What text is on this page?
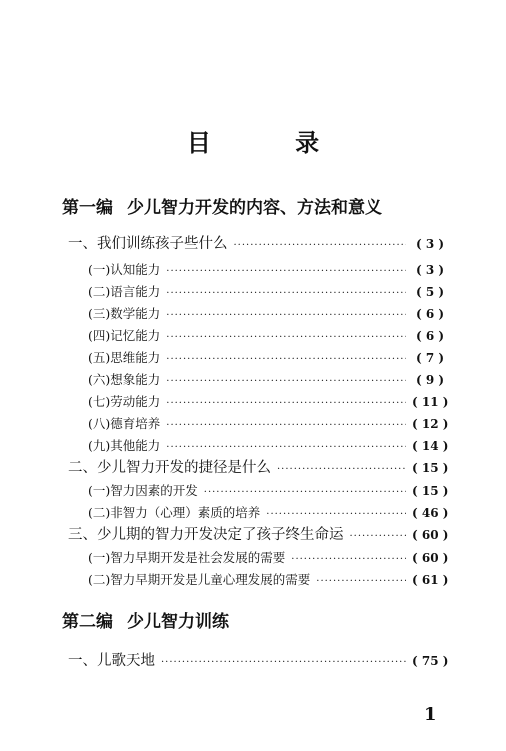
目 录
第一编 少儿智力开发的内容、方法和意义
一、我们训练孩子些什么 ·····	( 3 )
(一)认知能力 ·····	( 3 )
(二)语言能力 ·····	( 5 )
(三)数学能力 ·····	( 6 )
(四)记忆能力 ·····	( 6 )
(五)思维能力 ·····	( 7 )
(六)想象能力 ·····	( 9 )
(七)劳动能力 ·····	( 11 )
(八)德育培养 ·····	( 12 )
(九)其他能力 ·····	( 14 )
二、少儿智力开发的捷径是什么 ·····	( 15 )
(一)智力因素的开发 ·····	( 15 )
(二)非智力（心理）素质的培养 ·····	( 46 )
三、少儿期的智力开发决定了孩子终生命运 ·····	( 60 )
(一)智力早期开发是社会发展的需要 ·····	( 60 )
(二)智力早期开发是儿童心理发展的需要 ·····	( 61 )
第二编 少儿智力训练
一、儿歌天地 ·····	( 75 )
1
